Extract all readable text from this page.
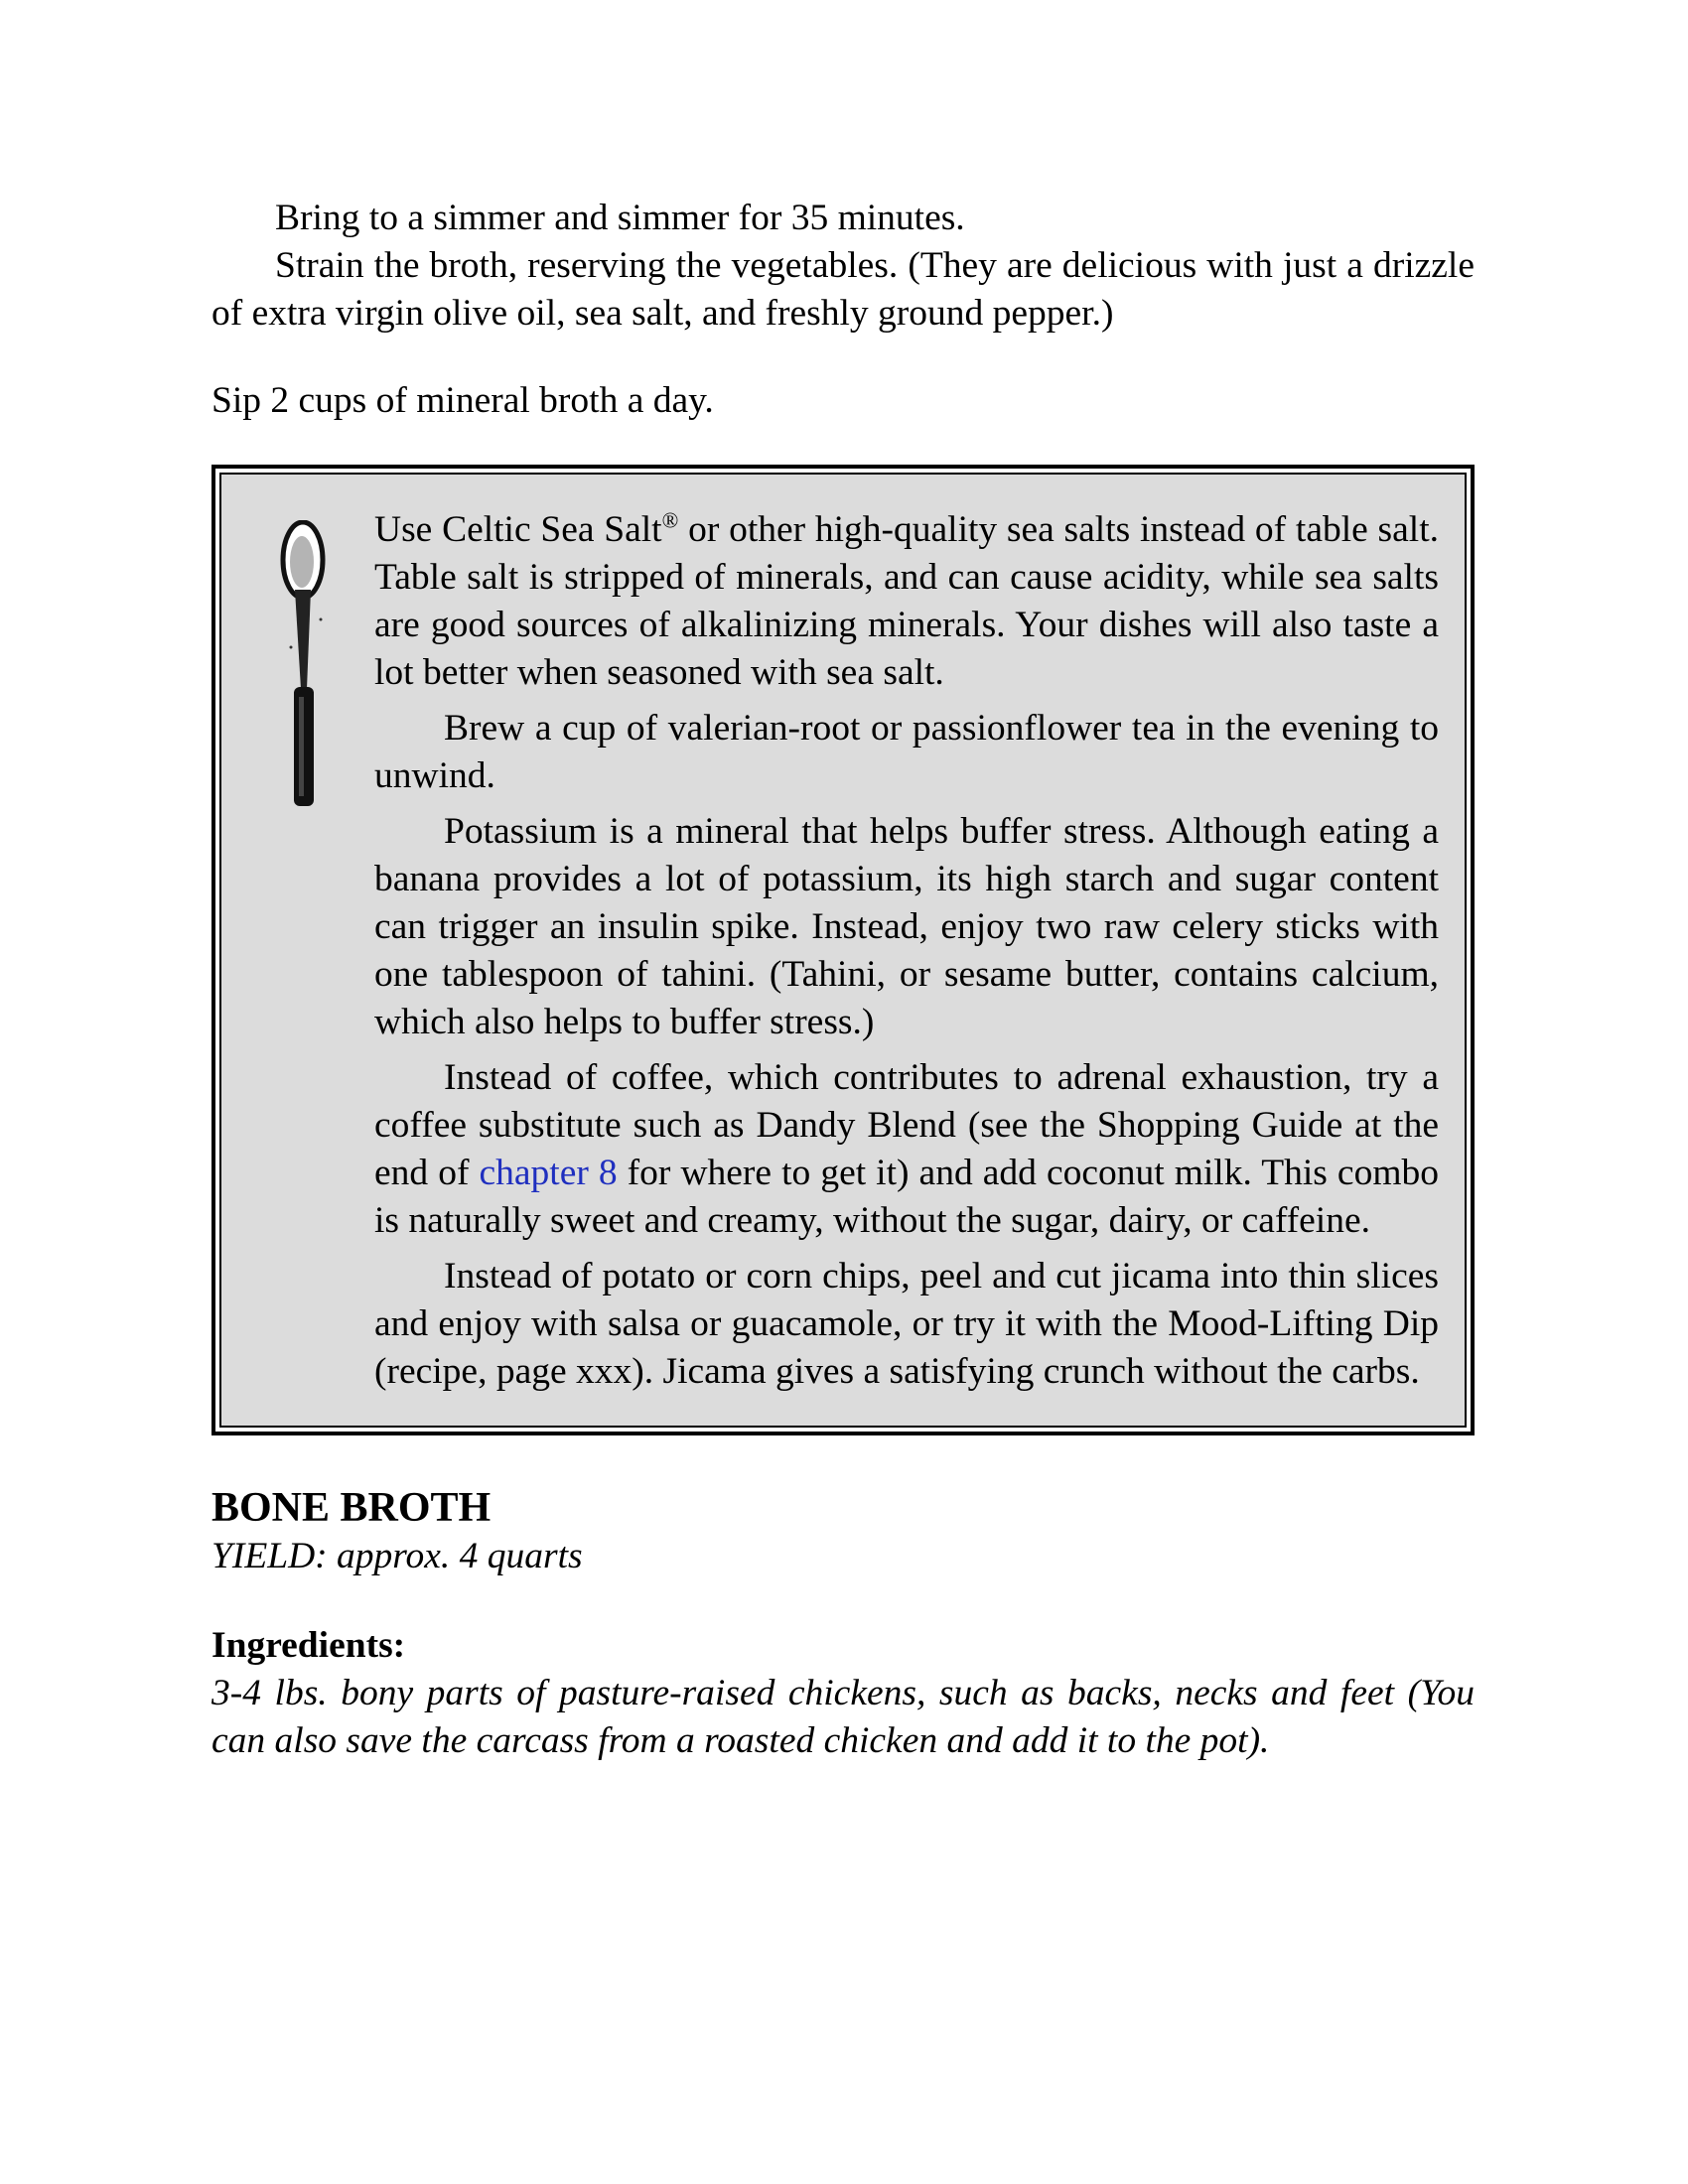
Bring to a simmer and simmer for 35 minutes.

Strain the broth, reserving the vegetables. (They are delicious with just a drizzle of extra virgin olive oil, sea salt, and freshly ground pepper.)

Sip 2 cups of mineral broth a day.

Use Celtic Sea Salt® or other high-quality sea salts instead of table salt. Table salt is stripped of minerals, and can cause acidity, while sea salts are good sources of alkalinizing minerals. Your dishes will also taste a lot better when seasoned with sea salt.

Brew a cup of valerian-root or passionflower tea in the evening to unwind.

Potassium is a mineral that helps buffer stress. Although eating a banana provides a lot of potassium, its high starch and sugar content can trigger an insulin spike. Instead, enjoy two raw celery sticks with one tablespoon of tahini. (Tahini, or sesame butter, contains calcium, which also helps to buffer stress.)

Instead of coffee, which contributes to adrenal exhaustion, try a coffee substitute such as Dandy Blend (see the Shopping Guide at the end of chapter 8 for where to get it) and add coconut milk. This combo is naturally sweet and creamy, without the sugar, dairy, or caffeine.

Instead of potato or corn chips, peel and cut jicama into thin slices and enjoy with salsa or guacamole, or try it with the Mood-Lifting Dip (recipe, page xxx). Jicama gives a satisfying crunch without the carbs.

BONE BROTH

YIELD: approx. 4 quarts

Ingredients:

3-4 lbs. bony parts of pasture-raised chickens, such as backs, necks and feet (You can also save the carcass from a roasted chicken and add it to the pot).
